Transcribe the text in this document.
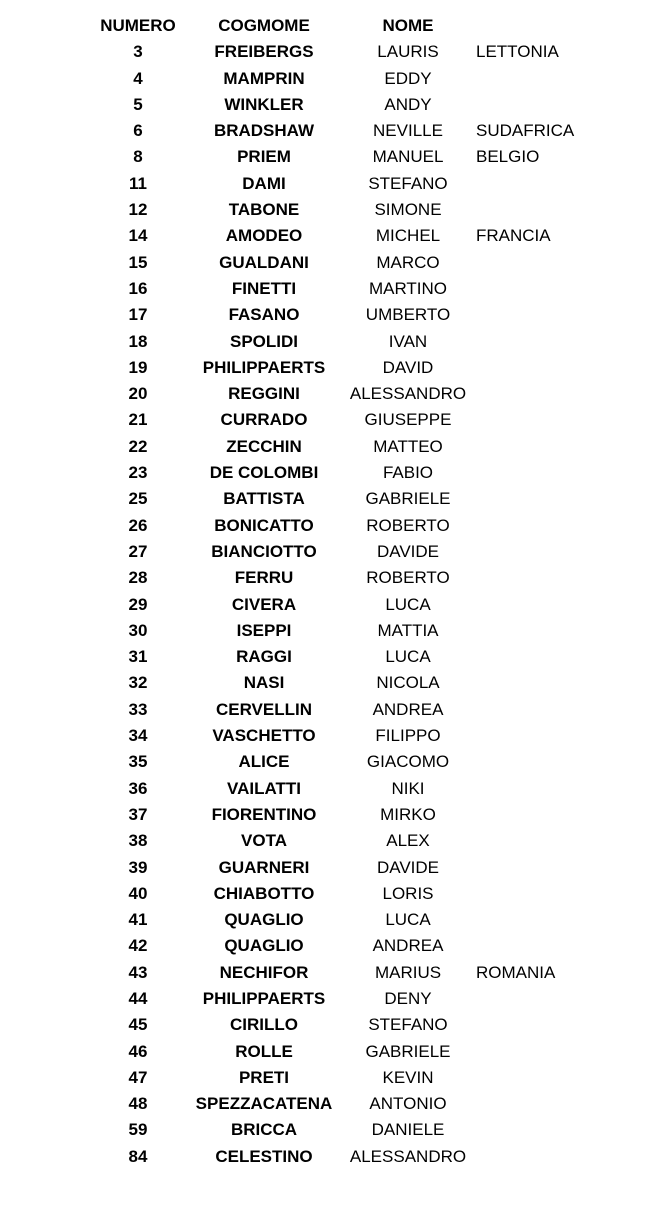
NUMERO	COGMOME	NOME
3	FREIBERGS	LAURIS	LETTONIA
4	MAMPRIN	EDDY
5	WINKLER	ANDY
6	BRADSHAW	NEVILLE	SUDAFRICA
8	PRIEM	MANUEL	BELGIO
11	DAMI	STEFANO
12	TABONE	SIMONE
14	AMODEO	MICHEL	FRANCIA
15	GUALDANI	MARCO
16	FINETTI	MARTINO
17	FASANO	UMBERTO
18	SPOLIDI	IVAN
19	PHILIPPAERTS	DAVID
20	REGGINI	ALESSANDRO
21	CURRADO	GIUSEPPE
22	ZECCHIN	MATTEO
23	DE COLOMBI	FABIO
25	BATTISTA	GABRIELE
26	BONICATTO	ROBERTO
27	BIANCIOTTO	DAVIDE
28	FERRU	ROBERTO
29	CIVERA	LUCA
30	ISEPPI	MATTIA
31	RAGGI	LUCA
32	NASI	NICOLA
33	CERVELLIN	ANDREA
34	VASCHETTO	FILIPPO
35	ALICE	GIACOMO
36	VAILATTI	NIKI
37	FIORENTINO	MIRKO
38	VOTA	ALEX
39	GUARNERI	DAVIDE
40	CHIABOTTO	LORIS
41	QUAGLIO	LUCA
42	QUAGLIO	ANDREA
43	NECHIFOR	MARIUS	ROMANIA
44	PHILIPPAERTS	DENY
45	CIRILLO	STEFANO
46	ROLLE	GABRIELE
47	PRETI	KEVIN
48	SPEZZACATENA	ANTONIO
59	BRICCA	DANIELE
84	CELESTINO	ALESSANDRO
